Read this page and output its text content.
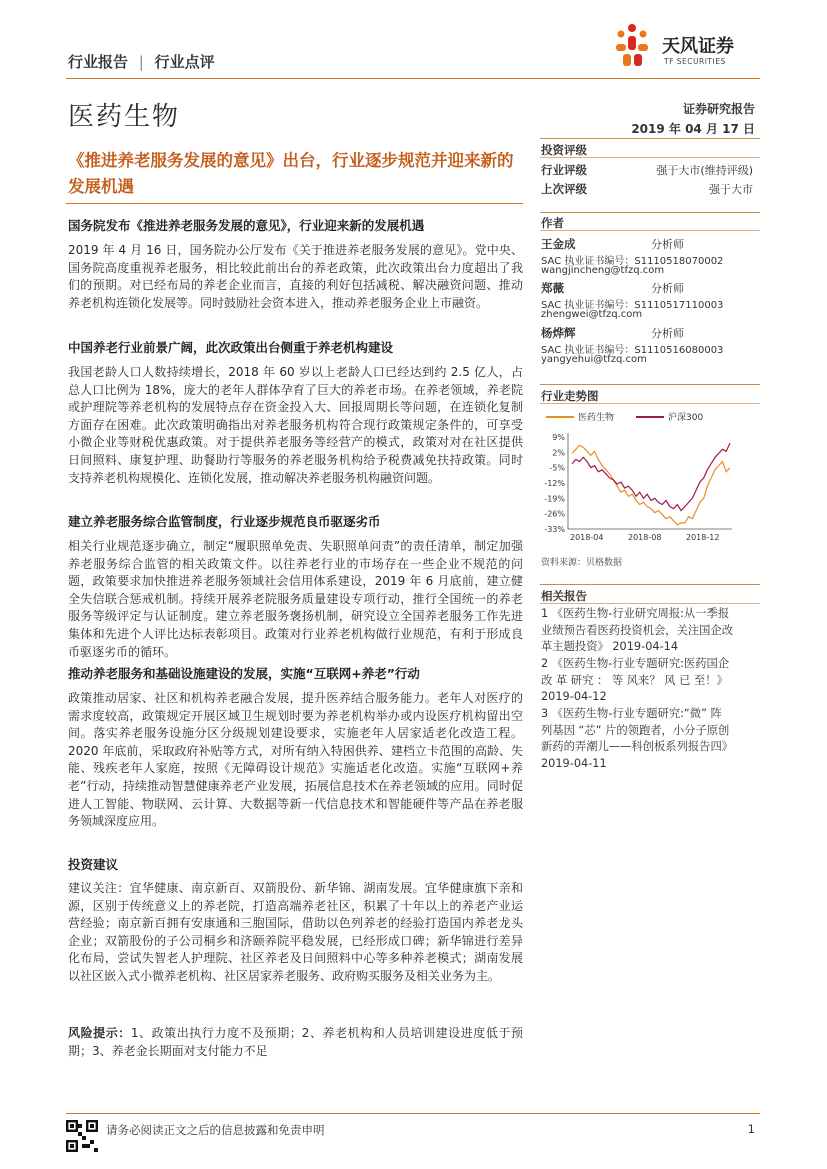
行业报告 | 行业点评
天风证券
TF SECURITIES
医药生物
《推进养老服务发展的意见》出台，行业逐步规范并迎来新的发展机遇
证券研究报告
2019 年 04 月 17 日
投资评级
行业评级	强于大市(维持评级)
上次评级	强于大市
作者
王金成	分析师
SAC 执业证书编号：S1110518070002
wangjincheng@tfzq.com
郑薇	分析师
SAC 执业证书编号：S1110517110003
zhengwei@tfzq.com
杨烨辉	分析师
SAC 执业证书编号：S1110516080003
yangyehui@tfzq.com
行业走势图
医药生物	沪深300
9%
2%
-5%
-12%
-19%
-26%
-33%
2018-04	2018-08	2018-12
资料来源：贝格数据
相关报告
1 《医药生物-行业研究周报:从一季报
业绩预告看医药投资机会，关注国企改
革主题投资》 2019-04-14
2 《医药生物-行业专题研究:医药国企
改 革 研究 ： 等 风来？ 风 已 至！》
2019-04-12
3 《医药生物-行业专题研究:“微” 阵
列基因 “芯” 片的领跑者，小分子原创
新药的弄潮儿——科创板系列报告四》
2019-04-11
国务院发布《推进养老服务发展的意见》，行业迎来新的发展机遇
2019 年 4 月 16 日，国务院办公厅发布《关于推进养老服务发展的意见》。党中央、国务院高度重视养老服务，相比较此前出台的养老政策，此次政策出台力度超出了我们的预期。对已经布局的养老企业而言，直接的利好包括减税、解决融资问题、推动养老机构连锁化发展等。同时鼓励社会资本进入，推动养老服务企业上市融资。
中国养老行业前景广阔，此次政策出台侧重于养老机构建设
我国老龄人口人数持续增长，2018 年 60 岁以上老龄人口已经达到约 2.5 亿人，占总人口比例为 18%，庞大的老年人群体孕育了巨大的养老市场。在养老领域，养老院或护理院等养老机构的发展特点存在资金投入大、回报周期长等问题，在连锁化复制方面存在困难。此次政策明确指出对养老服务机构符合现行政策规定条件的，可享受小微企业等财税优惠政策。对于提供养老服务等经营产的模式，政策对对在社区提供日间照料、康复护理、助餐助行等服务的养老服务机构给予税费减免扶持政策。同时支持养老机构规模化、连锁化发展，推动解决养老服务机构融资问题。
建立养老服务综合监管制度，行业逐步规范良币驱逐劣币
相关行业规范逐步确立，制定“履职照单免责、失职照单问责”的责任清单，制定加强养老服务综合监管的相关政策文件。以往养老行业的市场存在一些企业不规范的问题，政策要求加快推进养老服务领域社会信用体系建设，2019 年 6 月底前，建立健全失信联合惩戒机制。持续开展养老院服务质量建设专项行动，推行全国统一的养老服务等级评定与认证制度。建立养老服务褒扬机制，研究设立全国养老服务工作先进集体和先进个人评比达标表彰项目。政策对行业养老机构做行业规范，有利于形成良币驱逐劣币的循环。
推动养老服务和基础设施建设的发展，实施“互联网+养老”行动
政策推动居家、社区和机构养老融合发展，提升医养结合服务能力。老年人对医疗的需求度较高，政策规定开展区域卫生规划时要为养老机构举办或内设医疗机构留出空间。落实养老服务设施分区分级规划建设要求，实施老年人居家适老化改造工程。2020 年底前，采取政府补贴等方式，对所有纳入特困供养、建档立卡范围的高龄、失能、残疾老年人家庭，按照《无障碍设计规范》实施适老化改造。实施“互联网+养老”行动，持续推动智慧健康养老产业发展，拓展信息技术在养老领域的应用。同时促进人工智能、物联网、云计算、大数据等新一代信息技术和智能硬件等产品在养老服务领域深度应用。
投资建议
建议关注：宜华健康、南京新百、双箭股份、新华锦、湖南发展。宜华健康旗下亲和源，区别于传统意义上的养老院，打造高端养老社区，积累了十年以上的养老产业运营经验；南京新百拥有安康通和三胞国际，借助以色列养老的经验打造国内养老龙头企业；双箭股份的子公司桐乡和济颐养院平稳发展，已经形成口碑；新华锦进行差异化布局，尝试失智老人护理院、社区养老及日间照料中心等多种养老模式；湖南发展以社区嵌入式小微养老机构、社区居家养老服务、政府购买服务及相关业务为主。
风险提示：1、政策出执行力度不及预期；2、养老机构和人员培训建设进度低于预期；3、养老金长期面对支付能力不足
请务必阅读正文之后的信息披露和免责申明	1
